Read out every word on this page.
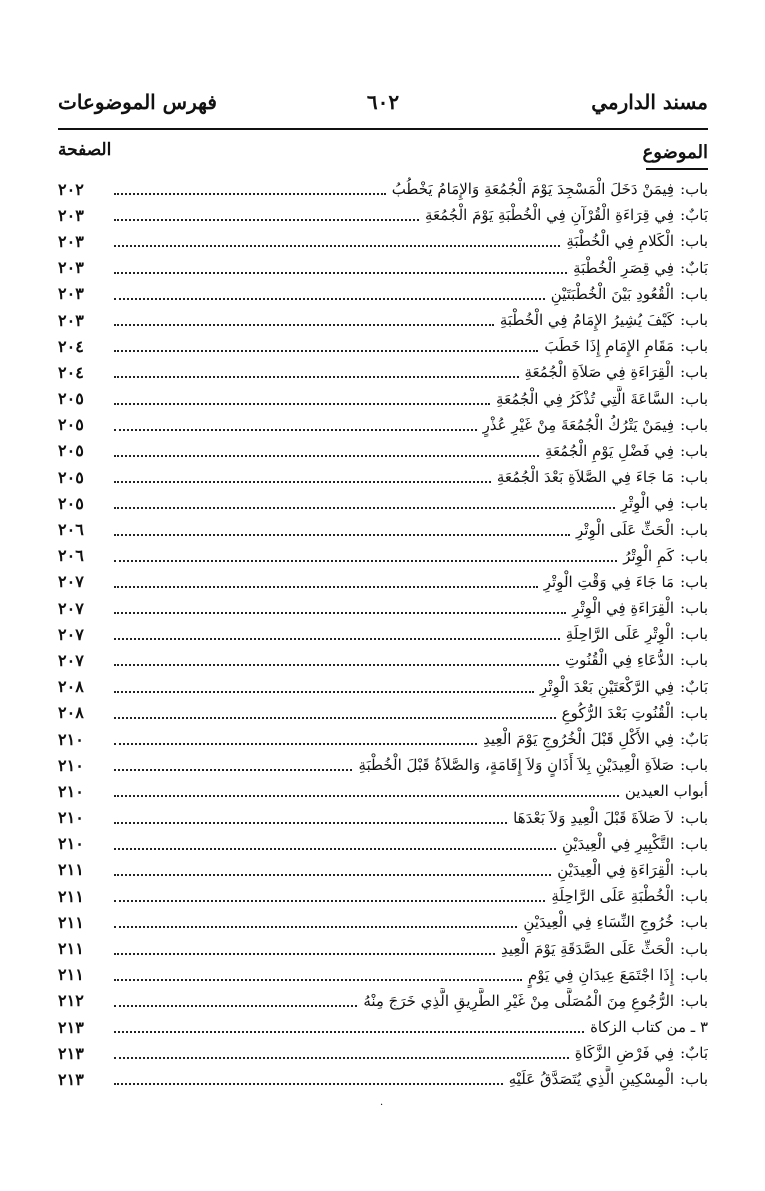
مسند الدارمي
٦٠٢
فهرس الموضوعات
الموضوع
الصفحة
٢٠٢	باب:فِيمَنْ دَخَلَ الْمَسْجِدَ يَوْمَ الْجُمُعَةِ وَالإِمَامُ يَخْطُبُ
٢٠٣	بَابٌ:فِي قِرَاءَةِ الْقُرْآنِ فِي الْخُطْبَةِ يَوْمَ الْجُمُعَةِ
٢٠٣	باب:الْكَلامِ فِي الْخُطْبَةِ
٢٠٣	بَابٌ:فِي قِصَرِ الْخُطْبَةِ
٢٠٣	باب:الْقُعُودِ بَيْنَ الْخُطْبَتَيْنِ
٢٠٣	باب:كَيْفَ يُشِيرُ الإِمَامُ فِي الْخُطْبَةِ
٢٠٤	باب:مَقَامِ الإِمَامِ إِذَا خَطَبَ
٢٠٤	باب:الْقِرَاءَةِ فِي صَلاَةِ الْجُمُعَةِ
٢٠٥	باب:السَّاعَةَ الَّتِي تُذْكَرُ فِي الْجُمُعَةِ
٢٠٥	باب:فِيمَنْ يَتْرُكُ الْجُمُعَةَ مِنْ غَيْرِ عُذْرٍ
٢٠٥	باب:فِي فَضْلِ يَوْمِ الْجُمُعَةِ
٢٠٥	باب:مَا جَاءَ فِي الصَّلاَةِ بَعْدَ الْجُمُعَةِ
٢٠٥	باب:فِي الْوِتْرِ
٢٠٦	باب:الْحَثِّ عَلَى الْوِتْرِ
٢٠٦	باب:كَمِ الْوِتْرُ
٢٠٧	باب:مَا جَاءَ فِي وَقْتِ الْوِتْرِ
٢٠٧	باب:الْقِرَاءَةِ فِي الْوِتْرِ
٢٠٧	باب:الْوِتْرِ عَلَى الرَّاحِلَةِ
٢٠٧	باب:الدُّعَاءِ فِي الْقُنُوتِ
٢٠٨	بَابٌ:فِي الرَّكْعَتَيْنِ بَعْدَ الْوِتْرِ
٢٠٨	باب:الْقُنُوتِ بَعْدَ الرُّكُوعِ
٢١٠	بَابٌ:فِي الأَكْلِ قَبْلَ الْخُرُوجِ يَوْمَ الْعِيدِ
٢١٠	باب:صَلاَةِ الْعِيدَيْنِ بِلاَ أَذَانٍ وَلاَ إِقَامَةٍ، وَالصَّلاَةُ قَبْلَ الْخُطْبَةِ
٢١٠	أبواب العيدين
٢١٠	باب:لاَ صَلاَةَ قَبْلَ الْعِيدِ وَلاَ بَعْدَهَا
٢١٠	باب:التَّكْبِيرِ فِي الْعِيدَيْنِ
٢١١	باب:الْقِرَاءَةِ فِي الْعِيدَيْنِ
٢١١	باب:الْخُطْبَةِ عَلَى الرَّاحِلَةِ
٢١١	باب:خُرُوجِ النِّسَاءِ فِي الْعِيدَيْنِ
٢١١	باب:الْحَثِّ عَلَى الصَّدَقَةِ يَوْمَ الْعِيدِ
٢١١	باب:إِذَا اجْتَمَعَ عِيدَانِ فِي يَوْمٍ
٢١٢	باب:الرُّجُوعِ مِنَ الْمُصَلَّى مِنْ غَيْرِ الطَّرِيقِ الَّذِي خَرَجَ مِنْهُ
٢١٣	٣ ـ من كتاب الزكاة
٢١٣	بَابٌ:فِي فَرْضِ الزَّكَاةِ
٢١٣	باب:الْمِسْكِينِ الَّذِي يُتَصَدَّقُ عَلَيْهِ
·
